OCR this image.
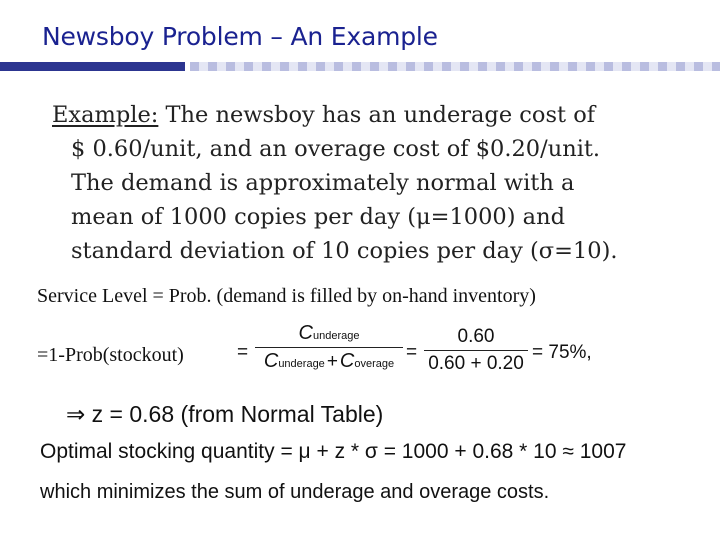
Newsboy Problem – An Example
Example: The newsboy has an underage cost of
$ 0.60/unit, and an overage cost of $0.20/unit.
The demand is approximately normal with a
mean of 1000 copies per day (μ=1000) and
standard deviation of 10 copies per day (σ=10).
Service Level = Prob. (demand is filled by on-hand inventory)
=1-Prob(stockout)	=
Cunderage
Cunderage + Coverage
=
0.60
0.60 + 0.20
= 75%,
⇒ z = 0.68 (from Normal Table)
Optimal stocking quantity = μ + z * σ = 1000 + 0.68 * 10 ≈ 1007
which minimizes the sum of underage and overage costs.
